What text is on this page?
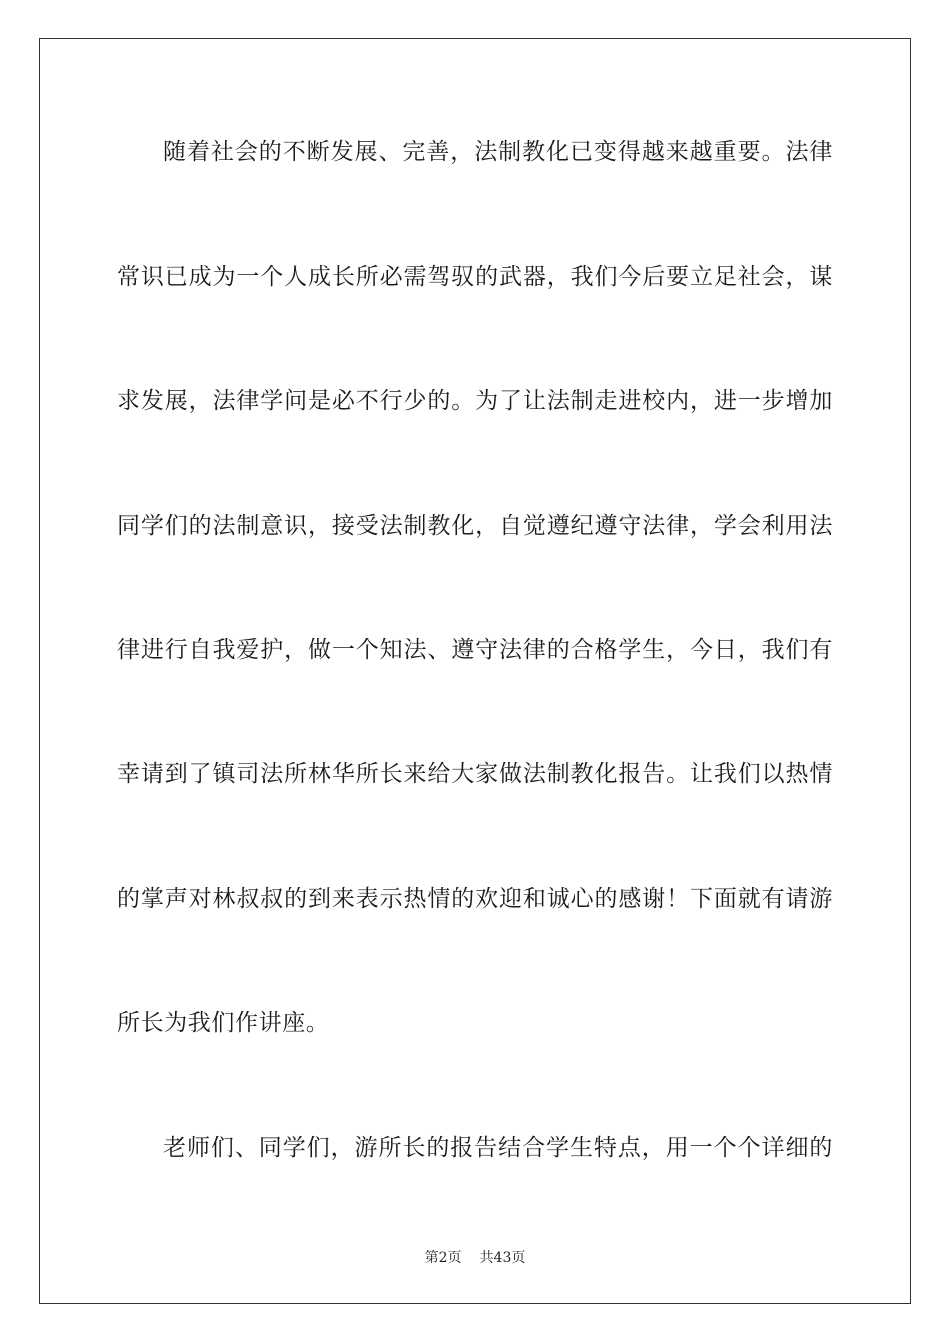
随着社会的不断发展、完善，法制教化已变得越来越重要。法律
常识已成为一个人成长所必需驾驭的武器，我们今后要立足社会，谋
求发展，法律学问是必不行少的。为了让法制走进校内，进一步增加
同学们的法制意识，接受法制教化，自觉遵纪遵守法律，学会利用法
律进行自我爱护，做一个知法、遵守法律的合格学生，今日，我们有
幸请到了镇司法所林华所长来给大家做法制教化报告。让我们以热情
的掌声对林叔叔的到来表示热情的欢迎和诚心的感谢！下面就有请游
所长为我们作讲座。
老师们、同学们，游所长的报告结合学生特点，用一个个详细的
第2页 共43页
